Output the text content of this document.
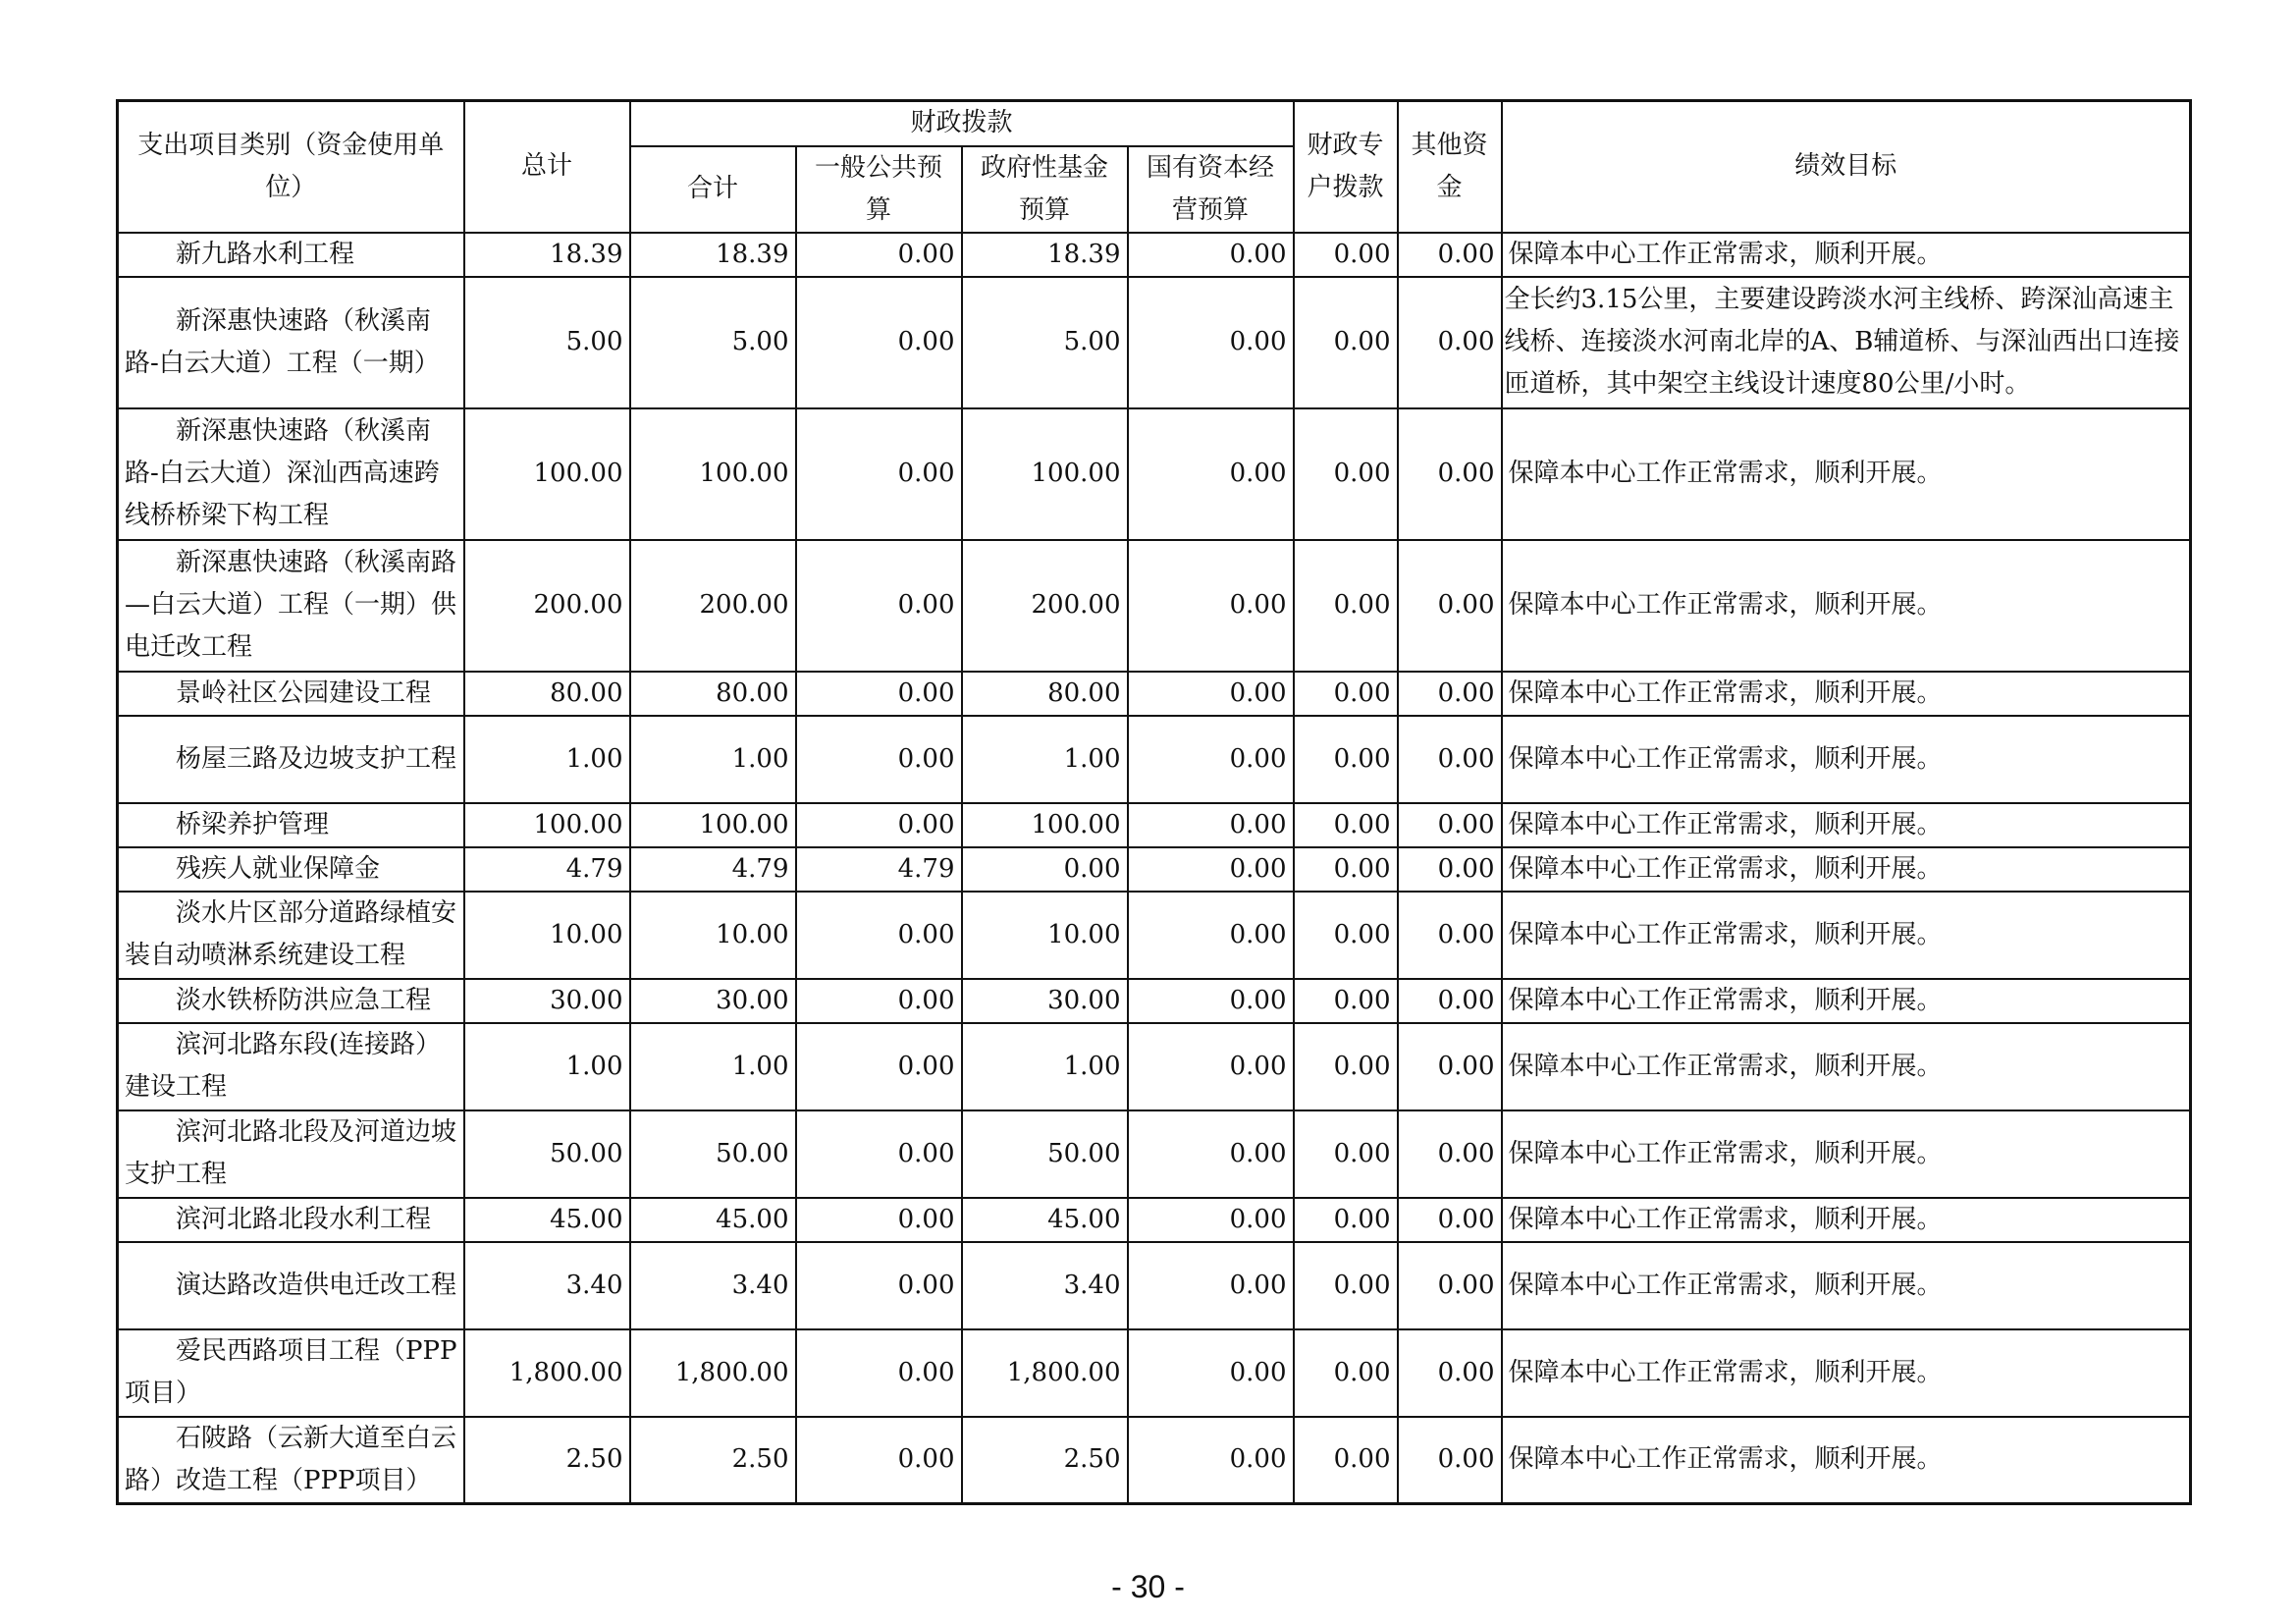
支出项目类别（资金使用单位）	总计	财政拨款				财政专户拨款	其他资金	绩效目标
		合计	一般公共预算	政府性基金预算	国有资本经营预算			
新九路水利工程	18.39	18.39	0.00	18.39	0.00	0.00	0.00	保障本中心工作正常需求，顺利开展。
新深惠快速路（秋溪南路-白云大道）工程（一期）	5.00	5.00	0.00	5.00	0.00	0.00	0.00	全长约3.15公里，主要建设跨淡水河主线桥、跨深汕高速主线桥、连接淡水河南北岸的A、B辅道桥、与深汕西出口连接匝道桥，其中架空主线设计速度80公里/小时。
新深惠快速路（秋溪南路-白云大道）深汕西高速跨线桥桥梁下构工程	100.00	100.00	0.00	100.00	0.00	0.00	0.00	保障本中心工作正常需求，顺利开展。
新深惠快速路（秋溪南路—白云大道）工程（一期）供电迁改工程	200.00	200.00	0.00	200.00	0.00	0.00	0.00	保障本中心工作正常需求，顺利开展。
景岭社区公园建设工程	80.00	80.00	0.00	80.00	0.00	0.00	0.00	保障本中心工作正常需求，顺利开展。
杨屋三路及边坡支护工程	1.00	1.00	0.00	1.00	0.00	0.00	0.00	保障本中心工作正常需求，顺利开展。
桥梁养护管理	100.00	100.00	0.00	100.00	0.00	0.00	0.00	保障本中心工作正常需求，顺利开展。
残疾人就业保障金	4.79	4.79	4.79	0.00	0.00	0.00	0.00	保障本中心工作正常需求，顺利开展。
淡水片区部分道路绿植安装自动喷淋系统建设工程	10.00	10.00	0.00	10.00	0.00	0.00	0.00	保障本中心工作正常需求，顺利开展。
淡水铁桥防洪应急工程	30.00	30.00	0.00	30.00	0.00	0.00	0.00	保障本中心工作正常需求，顺利开展。
滨河北路东段(连接路）建设工程	1.00	1.00	0.00	1.00	0.00	0.00	0.00	保障本中心工作正常需求，顺利开展。
滨河北路北段及河道边坡支护工程	50.00	50.00	0.00	50.00	0.00	0.00	0.00	保障本中心工作正常需求，顺利开展。
滨河北路北段水利工程	45.00	45.00	0.00	45.00	0.00	0.00	0.00	保障本中心工作正常需求，顺利开展。
演达路改造供电迁改工程	3.40	3.40	0.00	3.40	0.00	0.00	0.00	保障本中心工作正常需求，顺利开展。
爱民西路项目工程（PPP项目）	1,800.00	1,800.00	0.00	1,800.00	0.00	0.00	0.00	保障本中心工作正常需求，顺利开展。
石陂路（云新大道至白云路）改造工程（PPP项目）	2.50	2.50	0.00	2.50	0.00	0.00	0.00	保障本中心工作正常需求，顺利开展。
- 30 -
